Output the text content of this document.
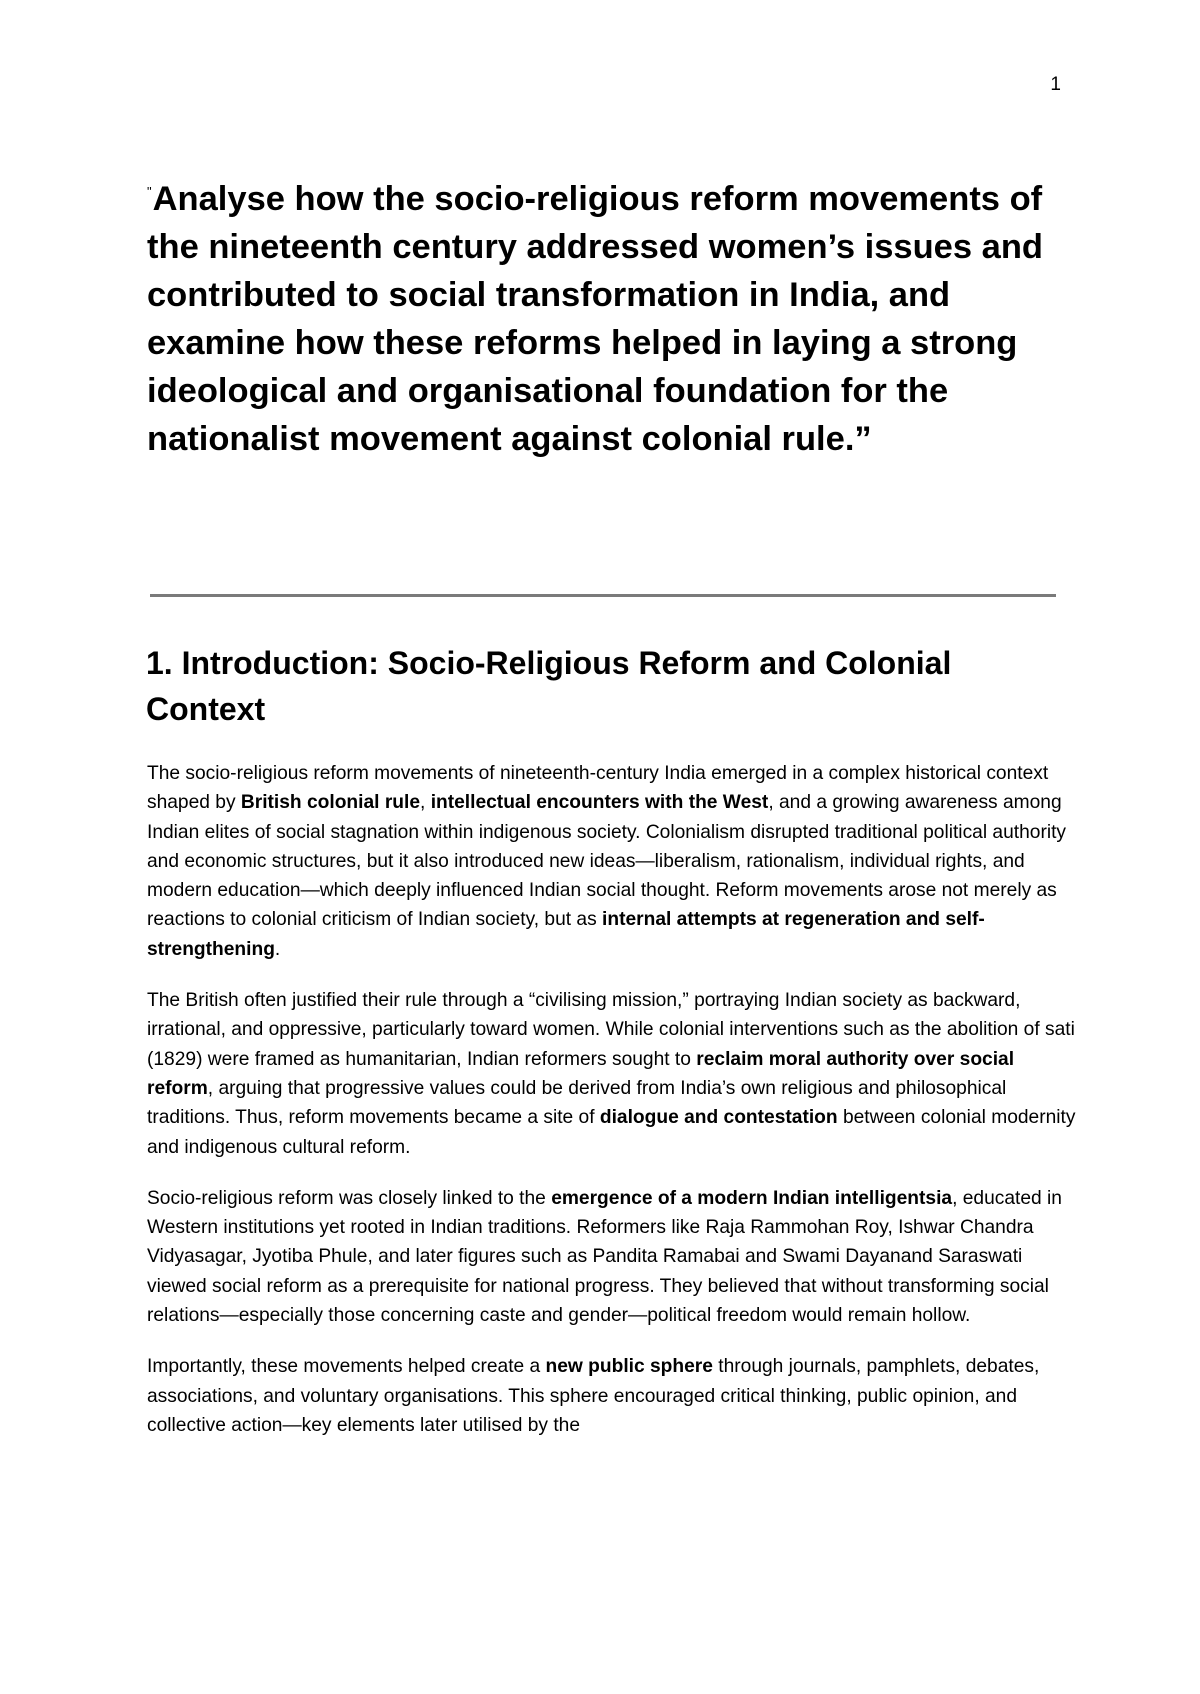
1
"Analyse how the socio-religious reform movements of the nineteenth century addressed women’s issues and contributed to social transformation in India, and examine how these reforms helped in laying a strong ideological and organisational foundation for the nationalist movement against colonial rule.”
1. Introduction: Socio-Religious Reform and Colonial Context

The socio-religious reform movements of nineteenth-century India emerged in a complex historical context shaped by British colonial rule, intellectual encounters with the West, and a growing awareness among Indian elites of social stagnation within indigenous society. Colonialism disrupted traditional political authority and economic structures, but it also introduced new ideas—liberalism, rationalism, individual rights, and modern education—which deeply influenced Indian social thought. Reform movements arose not merely as reactions to colonial criticism of Indian society, but as internal attempts at regeneration and self-strengthening.

The British often justified their rule through a “civilising mission,” portraying Indian society as backward, irrational, and oppressive, particularly toward women. While colonial interventions such as the abolition of sati (1829) were framed as humanitarian, Indian reformers sought to reclaim moral authority over social reform, arguing that progressive values could be derived from India’s own religious and philosophical traditions. Thus, reform movements became a site of dialogue and contestation between colonial modernity and indigenous cultural reform.

Socio-religious reform was closely linked to the emergence of a modern Indian intelligentsia, educated in Western institutions yet rooted in Indian traditions. Reformers like Raja Rammohan Roy, Ishwar Chandra Vidyasagar, Jyotiba Phule, and later figures such as Pandita Ramabai and Swami Dayanand Saraswati viewed social reform as a prerequisite for national progress. They believed that without transforming social relations—especially those concerning caste and gender—political freedom would remain hollow.

Importantly, these movements helped create a new public sphere through journals, pamphlets, debates, associations, and voluntary organisations. This sphere encouraged critical thinking, public opinion, and collective action—key elements later utilised by the
